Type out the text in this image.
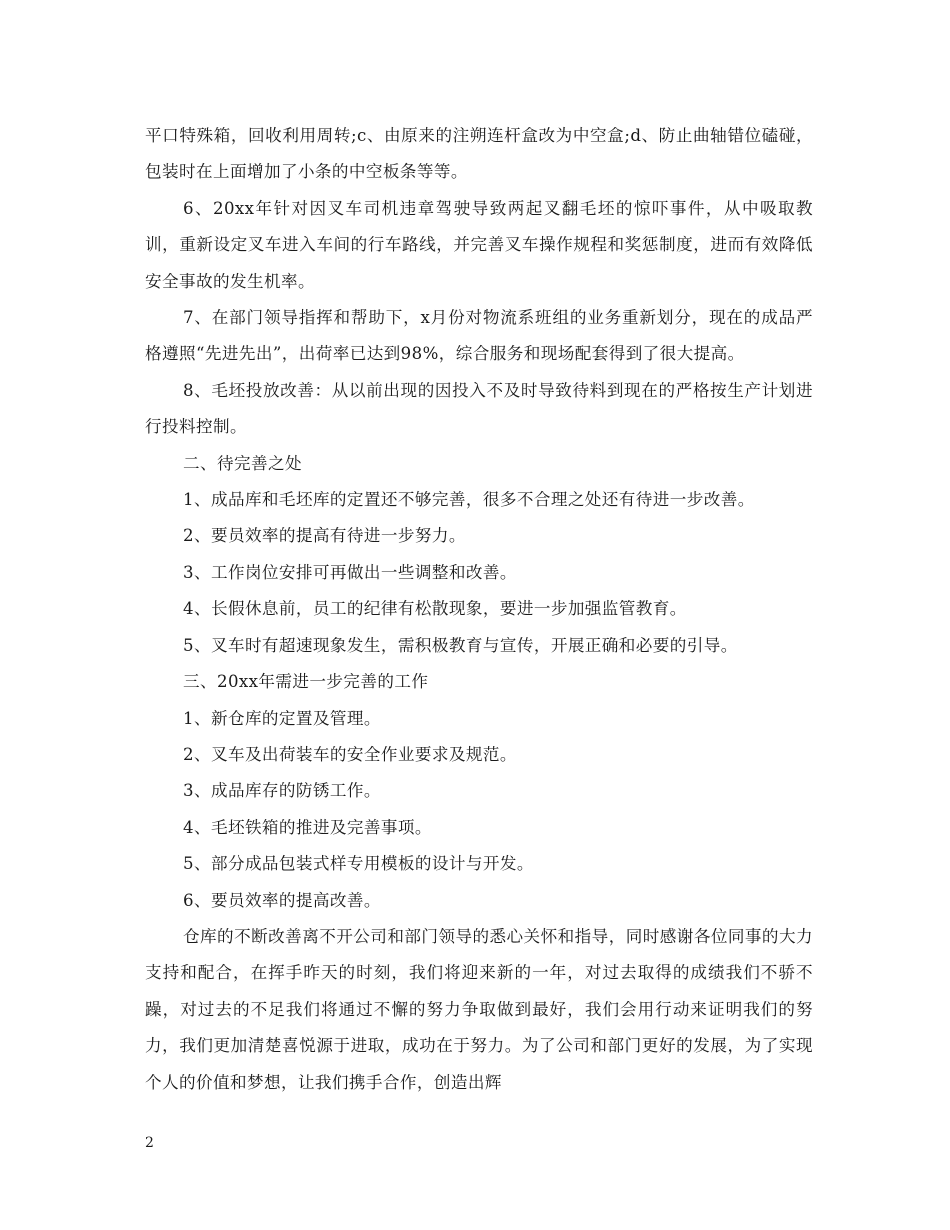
平口特殊箱，回收利用周转;c、由原来的注朔连杆盒改为中空盒;d、防止曲轴错位磕碰，包装时在上面增加了小条的中空板条等等。

6、20xx年针对因叉车司机违章驾驶导致两起叉翻毛坯的惊吓事件，从中吸取教训，重新设定叉车进入车间的行车路线，并完善叉车操作规程和奖惩制度，进而有效降低安全事故的发生机率。

7、在部门领导指挥和帮助下，x月份对物流系班组的业务重新划分，现在的成品严格遵照“先进先出”，出荷率已达到98%，综合服务和现场配套得到了很大提高。

8、毛坯投放改善：从以前出现的因投入不及时导致待料到现在的严格按生产计划进行投料控制。

二、待完善之处

1、成品库和毛坯库的定置还不够完善，很多不合理之处还有待进一步改善。

2、要员效率的提高有待进一步努力。

3、工作岗位安排可再做出一些调整和改善。

4、长假休息前，员工的纪律有松散现象，要进一步加强监管教育。

5、叉车时有超速现象发生，需积极教育与宣传，开展正确和必要的引导。

三、20xx年需进一步完善的工作

1、新仓库的定置及管理。

2、叉车及出荷装车的安全作业要求及规范。

3、成品库存的防锈工作。

4、毛坯铁箱的推进及完善事项。

5、部分成品包装式样专用模板的设计与开发。

6、要员效率的提高改善。

仓库的不断改善离不开公司和部门领导的悉心关怀和指导，同时感谢各位同事的大力支持和配合，在挥手昨天的时刻，我们将迎来新的一年，对过去取得的成绩我们不骄不躁，对过去的不足我们将通过不懈的努力争取做到最好，我们会用行动来证明我们的努力，我们更加清楚喜悦源于进取，成功在于努力。为了公司和部门更好的发展，为了实现个人的价值和梦想，让我们携手合作，创造出辉

2
